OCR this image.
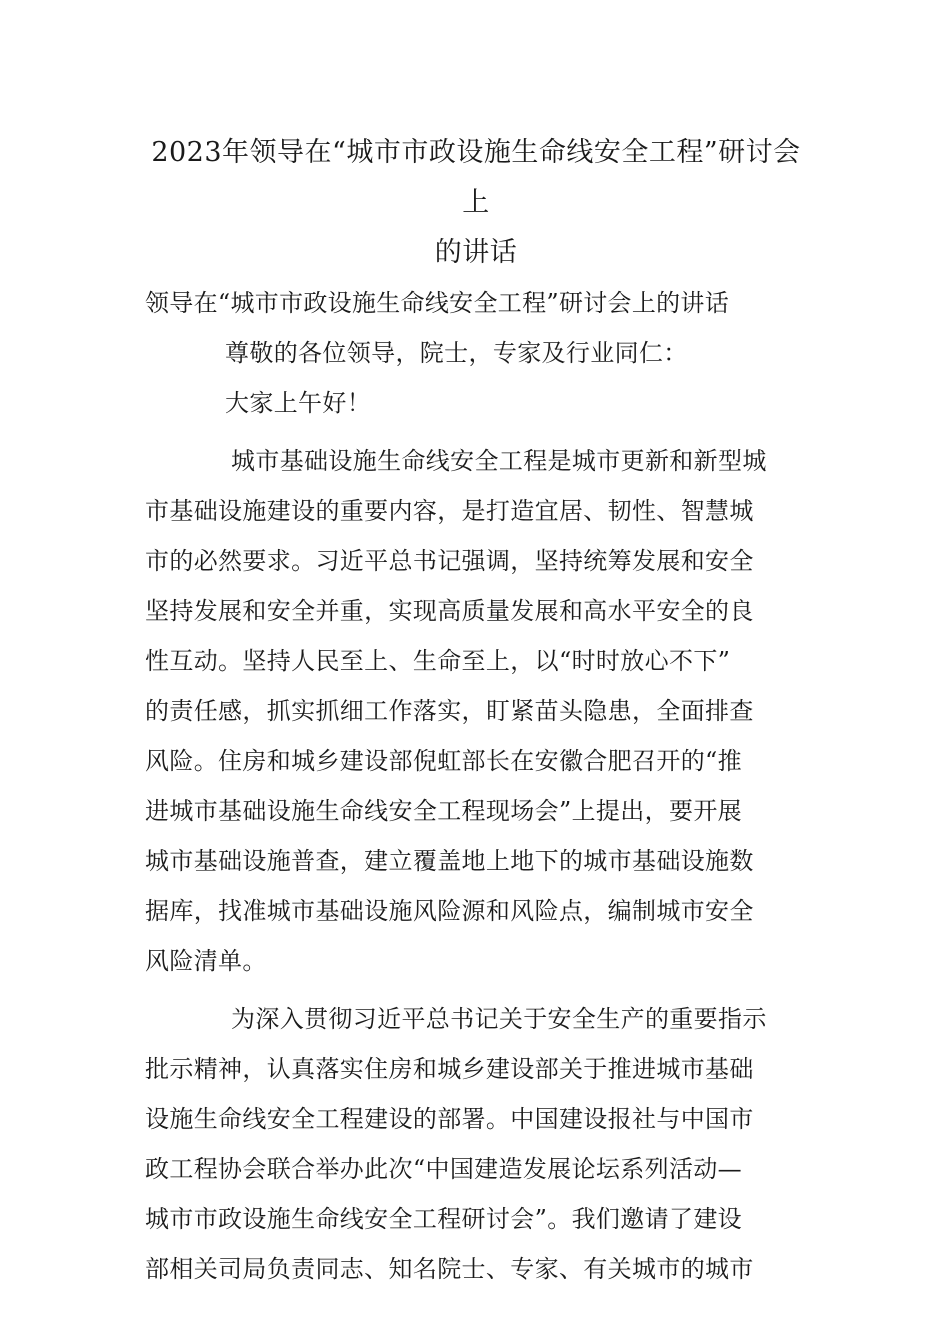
2023年领导在“城市市政设施生命线安全工程”研讨会上
的讲话

领导在“城市市政设施生命线安全工程”研讨会上的讲话

尊敬的各位领导，院士，专家及行业同仁：

大家上午好！

城市基础设施生命线安全工程是城市更新和新型城
市基础设施建设的重要内容，是打造宜居、韧性、智慧城
市的必然要求。习近平总书记强调，坚持统筹发展和安全
坚持发展和安全并重，实现高质量发展和高水平安全的良
性互动。坚持人民至上、生命至上，以“时时放心不下”
的责任感，抓实抓细工作落实，盯紧苗头隐患，全面排查
风险。住房和城乡建设部倪虹部长在安徽合肥召开的“推
进城市基础设施生命线安全工程现场会”上提出，要开展
城市基础设施普查，建立覆盖地上地下的城市基础设施数
据库，找准城市基础设施风险源和风险点，编制城市安全
风险清单。

为深入贯彻习近平总书记关于安全生产的重要指示
批示精神，认真落实住房和城乡建设部关于推进城市基础
设施生命线安全工程建设的部署。中国建设报社与中国市
政工程协会联合举办此次“中国建造发展论坛系列活动—
城市市政设施生命线安全工程研讨会”。我们邀请了建设
部相关司局负责同志、知名院士、专家、有关城市的城市
